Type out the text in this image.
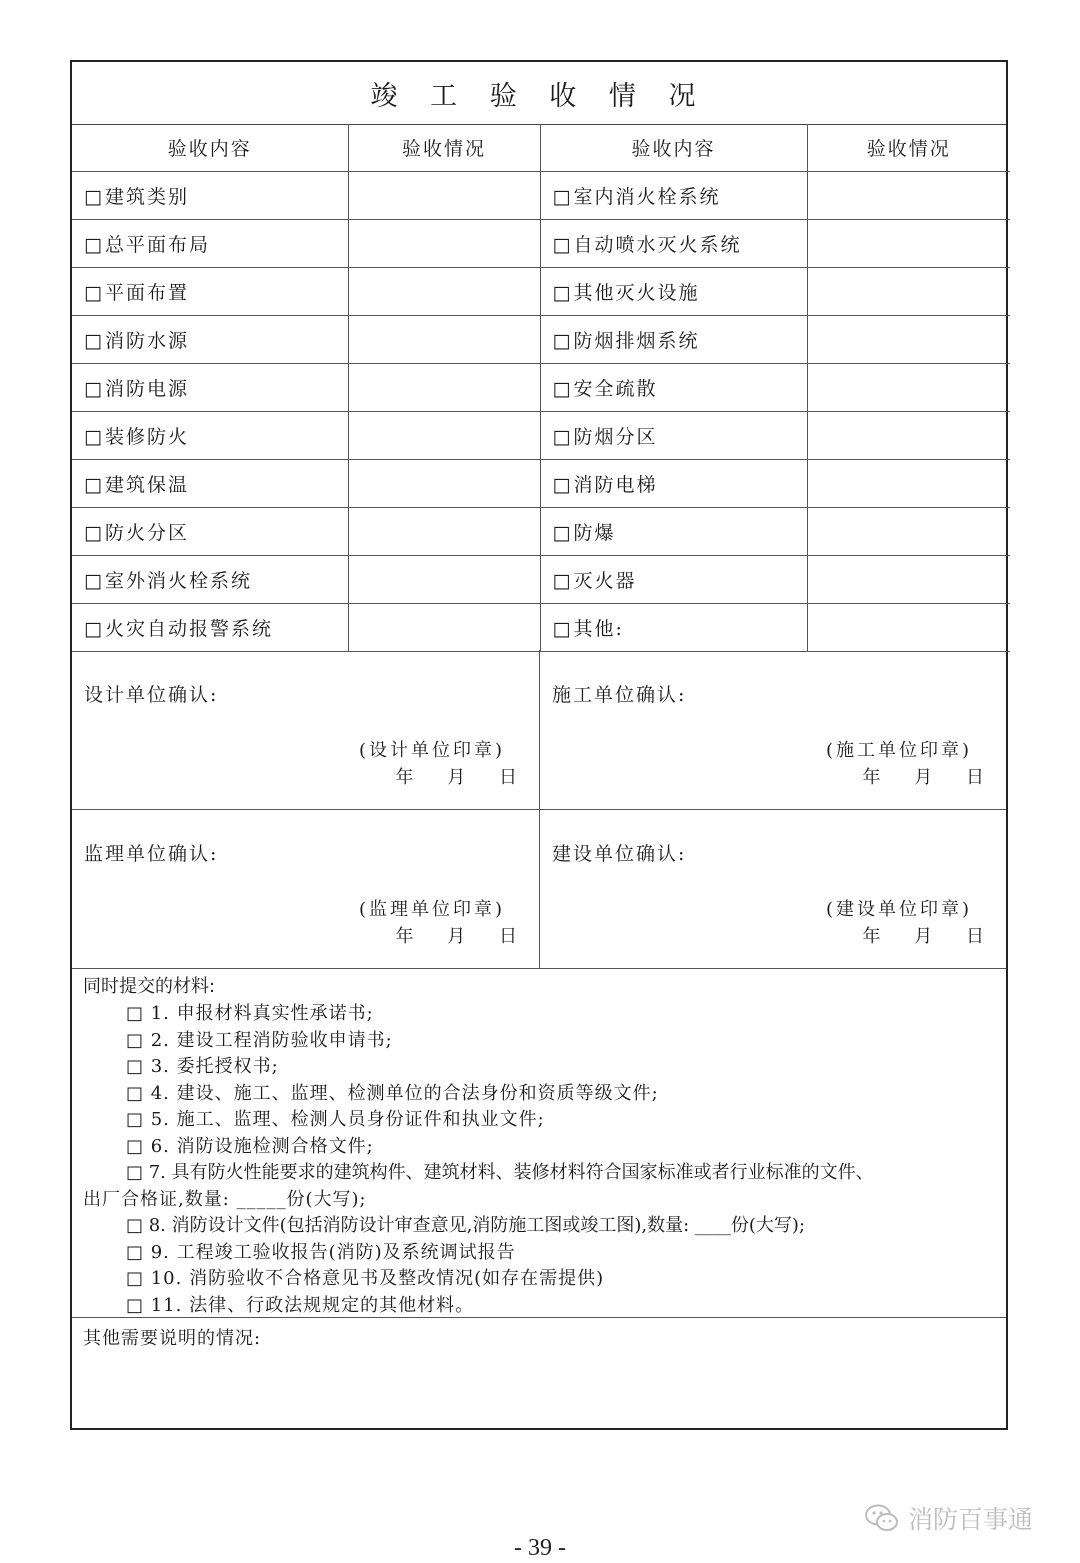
竣 工 验 收 情 况
验收内容	验收情况	验收内容	验收情况
□ 建筑类别		□ 室内消火栓系统	
□ 总平面布局		□ 自动喷水灭火系统	
□ 平面布置		□ 其他灭火设施	
□ 消防水源		□ 防烟排烟系统	
□ 消防电源		□ 安全疏散	
□ 装修防火		□ 防烟分区	
□ 建筑保温		□ 消防电梯	
□ 防火分区		□ 防爆	
□ 室外消火栓系统		□ 灭火器	
□ 火灾自动报警系统		□ 其他:	
设计单位确认:
(设计单位印章)
年 月 日
施工单位确认:
(施工单位印章)
年 月 日
监理单位确认:
(监理单位印章)
年 月 日
建设单位确认:
(建设单位印章)
年 月 日
同时提交的材料:
□ 1. 申报材料真实性承诺书;
□ 2. 建设工程消防验收申请书;
□ 3. 委托授权书;
□ 4. 建设、施工、监理、检测单位的合法身份和资质等级文件;
□ 5. 施工、监理、检测人员身份证件和执业文件;
□ 6. 消防设施检测合格文件;
□ 7. 具有防火性能要求的建筑构件、建筑材料、装修材料符合国家标准或者行业标准的文件、
出厂合格证,数量: _____份(大写);
□ 8. 消防设计文件(包括消防设计审查意见,消防施工图或竣工图),数量: ____份(大写);
□ 9. 工程竣工验收报告(消防)及系统调试报告
□ 10. 消防验收不合格意见书及整改情况(如存在需提供)
□ 11. 法律、行政法规规定的其他材料。
其他需要说明的情况:
消防百事通
- 39 -
